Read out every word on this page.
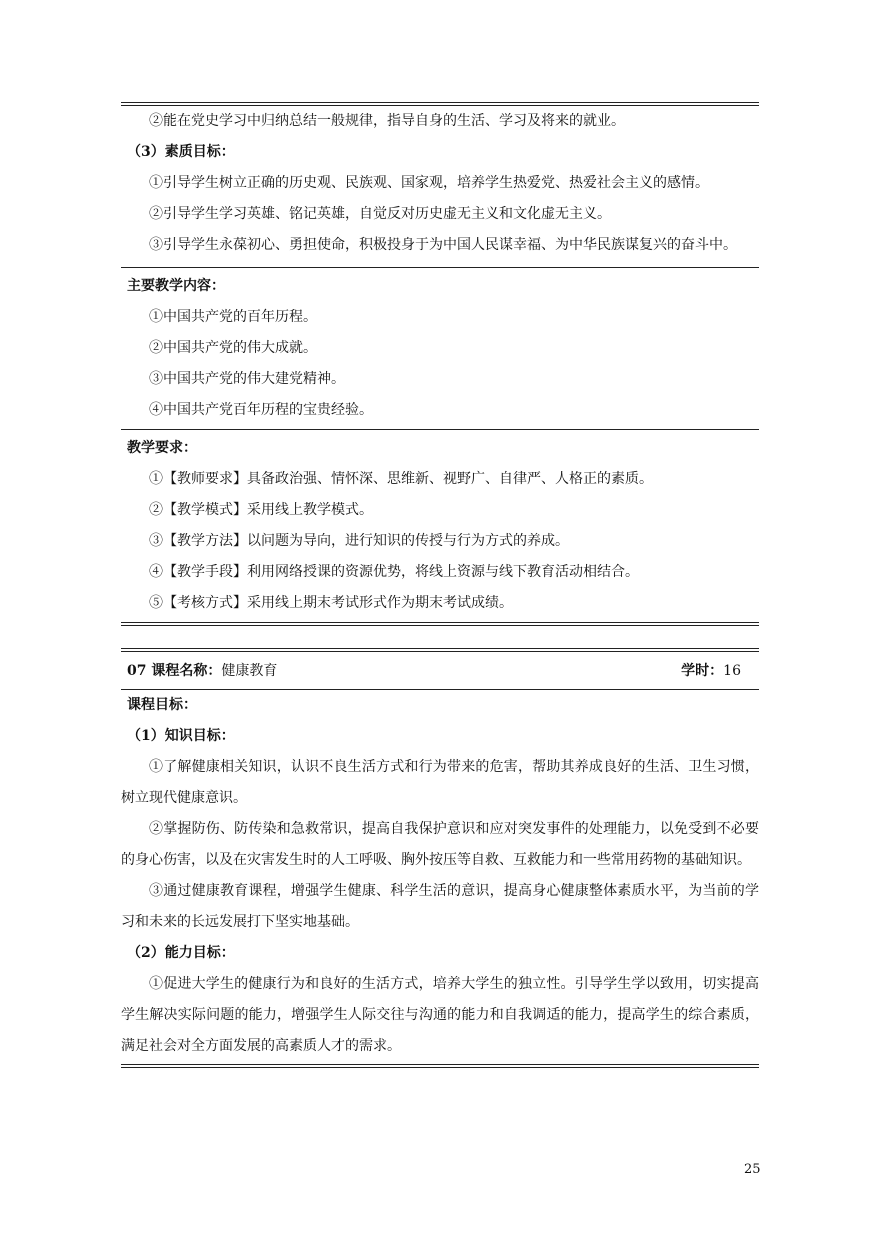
②能在党史学习中归纳总结一般规律，指导自身的生活、学习及将来的就业。

（3）素质目标：

①引导学生树立正确的历史观、民族观、国家观，培养学生热爱党、热爱社会主义的感情。

②引导学生学习英雄、铭记英雄，自觉反对历史虚无主义和文化虚无主义。

③引导学生永葆初心、勇担使命，积极投身于为中国人民谋幸福、为中华民族谋复兴的奋斗中。

主要教学内容：

①中国共产党的百年历程。

②中国共产党的伟大成就。

③中国共产党的伟大建党精神。

④中国共产党百年历程的宝贵经验。

教学要求：

①【教师要求】具备政治强、情怀深、思维新、视野广、自律严、人格正的素质。

②【教学模式】采用线上教学模式。

③【教学方法】以问题为导向，进行知识的传授与行为方式的养成。

④【教学手段】利用网络授课的资源优势，将线上资源与线下教育活动相结合。

⑤【考核方式】采用线上期末考试形式作为期末考试成绩。

07 课程名称：健康教育	学时：16

课程目标：

（1）知识目标：

①了解健康相关知识，认识不良生活方式和行为带来的危害，帮助其养成良好的生活、卫生习惯，树立现代健康意识。

②掌握防伤、防传染和急救常识，提高自我保护意识和应对突发事件的处理能力，以免受到不必要的身心伤害，以及在灾害发生时的人工呼吸、胸外按压等自救、互救能力和一些常用药物的基础知识。

③通过健康教育课程，增强学生健康、科学生活的意识，提高身心健康整体素质水平，为当前的学习和未来的长远发展打下坚实地基础。

（2）能力目标：

①促进大学生的健康行为和良好的生活方式，培养大学生的独立性。引导学生学以致用，切实提高学生解决实际问题的能力，增强学生人际交往与沟通的能力和自我调适的能力，提高学生的综合素质，满足社会对全方面发展的高素质人才的需求。

25
